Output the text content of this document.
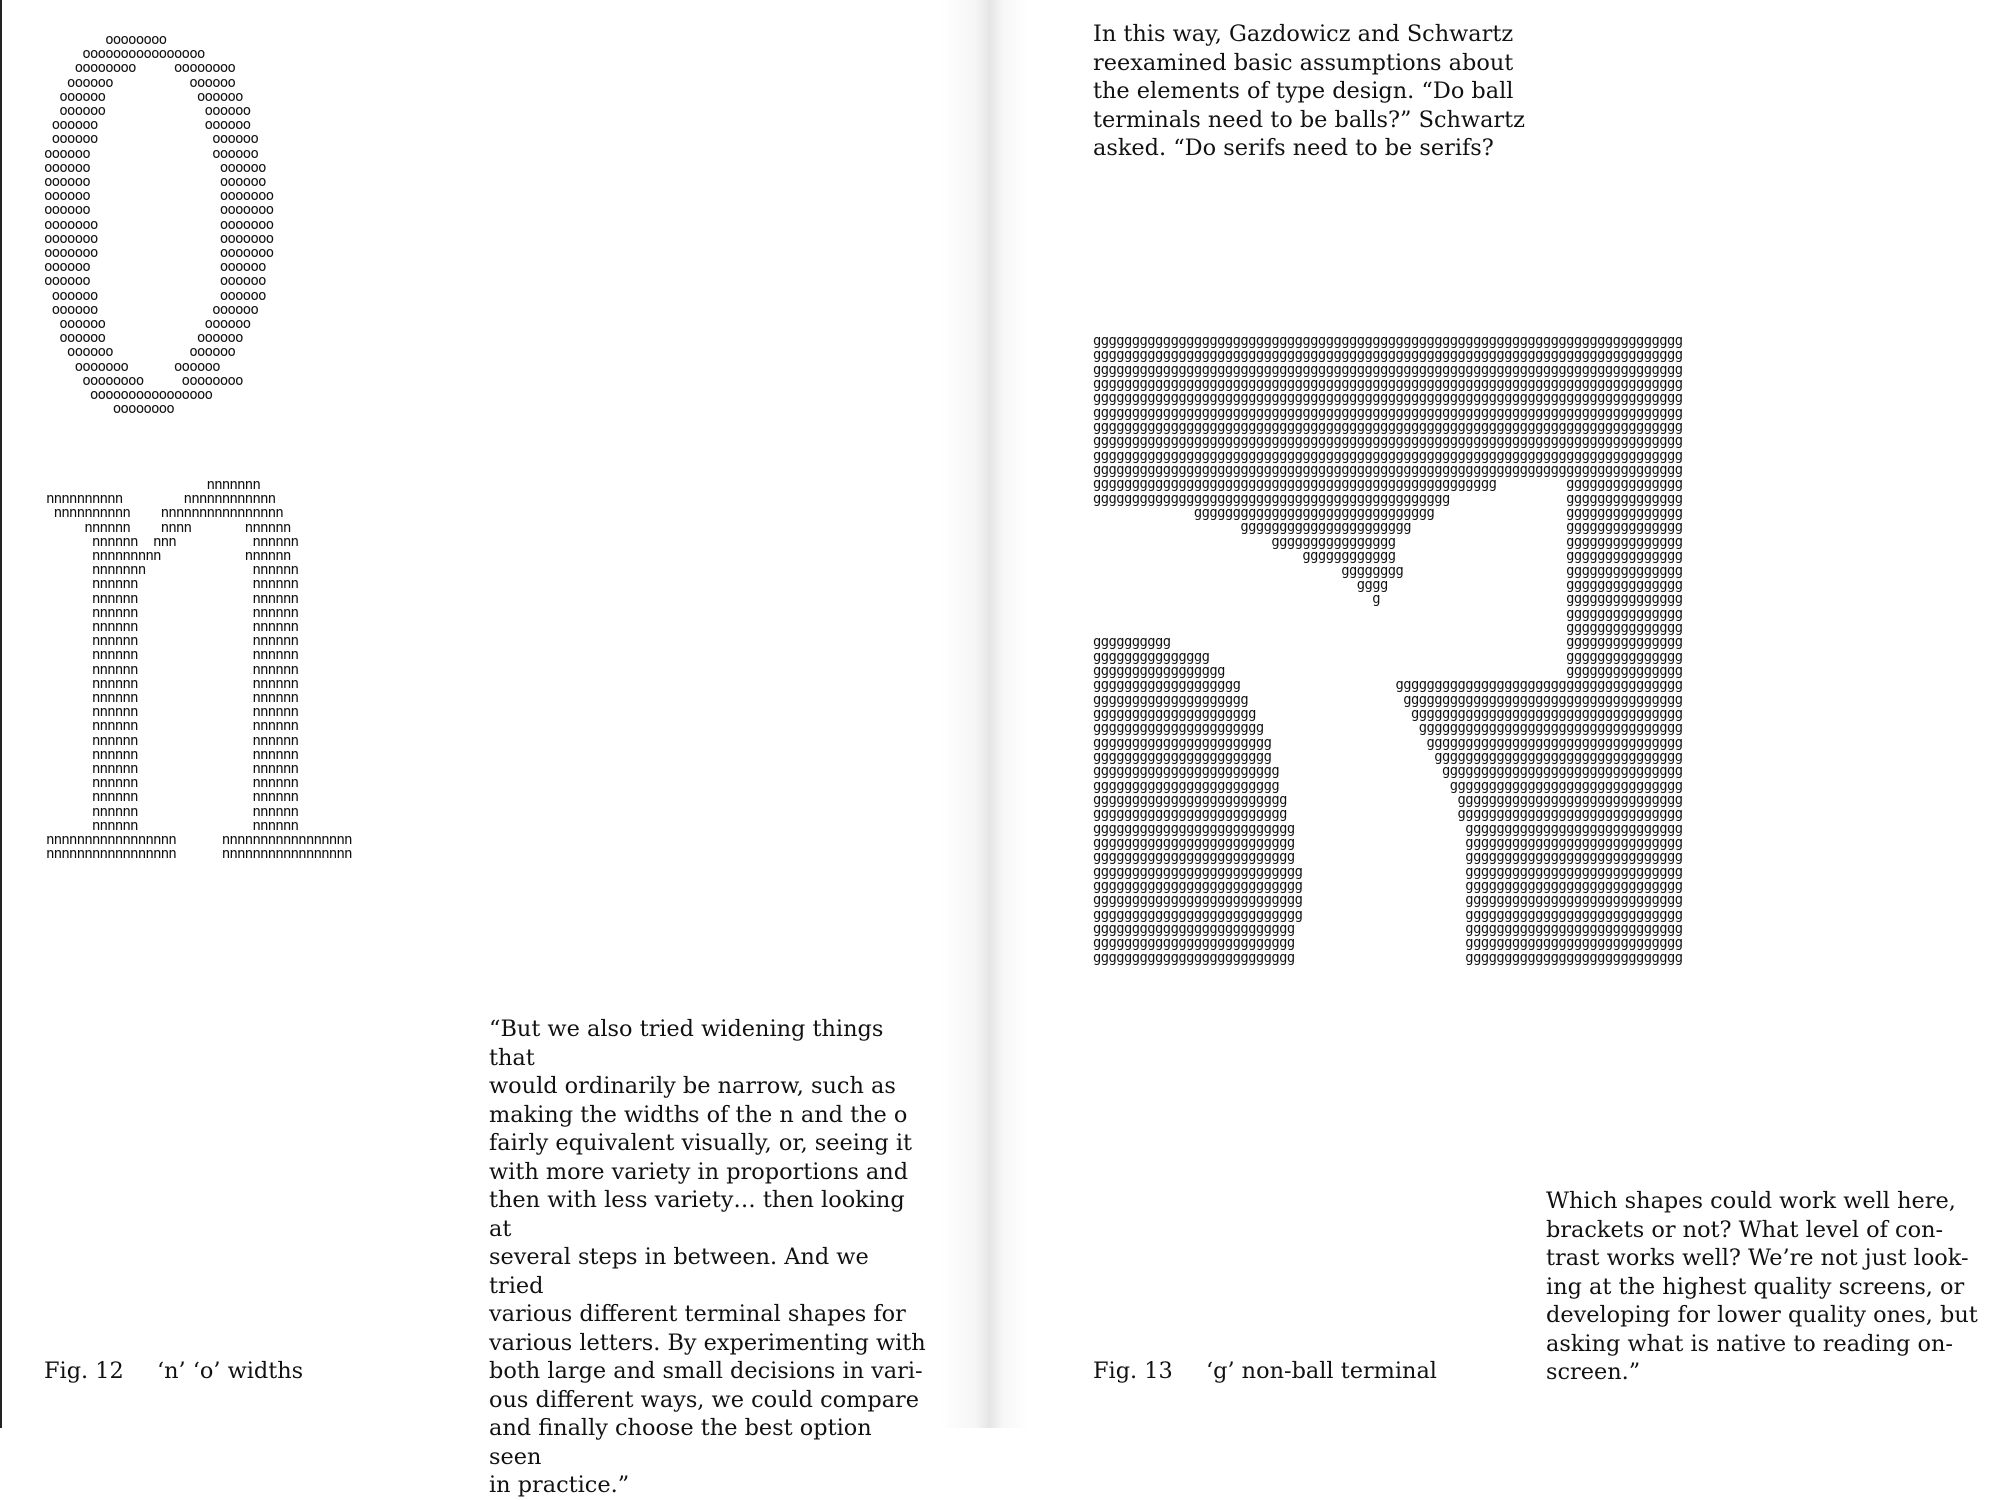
oooooooo
oooooooooooooooo
oooooooo     oooooooo
oooooo          oooooo
oooooo            oooooo
oooooo             oooooo
oooooo              oooooo
oooooo               oooooo
oooooo                oooooo
oooooo                 oooooo
oooooo                 oooooo
oooooo                 ooooooo
oooooo                 ooooooo
ooooooo                ooooooo
ooooooo                ooooooo
ooooooo                ooooooo
oooooo                 oooooo
oooooo                 oooooo
oooooo                oooooo
oooooo               oooooo
oooooo             oooooo
oooooo            oooooo
oooooo          oooooo
ooooooo      oooooo
oooooooo     oooooooo
oooooooooooooooo
oooooooo
nnnnnnn
nnnnnnnnnn        nnnnnnnnnnnn
nnnnnnnnnn    nnnnnnnnnnnnnnnn
nnnnnn    nnnn       nnnnnn
nnnnnn  nnn          nnnnnn
nnnnnnnnn           nnnnnn
nnnnnnn              nnnnnn
nnnnnn               nnnnnn
nnnnnn               nnnnnn
nnnnnn               nnnnnn
nnnnnn               nnnnnn
nnnnnn               nnnnnn
nnnnnn               nnnnnn
nnnnnn               nnnnnn
nnnnnn               nnnnnn
nnnnnn               nnnnnn
nnnnnn               nnnnnn
nnnnnn               nnnnnn
nnnnnn               nnnnnn
nnnnnn               nnnnnn
nnnnnn               nnnnnn
nnnnnn               nnnnnn
nnnnnn               nnnnnn
nnnnnn               nnnnnn
nnnnnn               nnnnnn
nnnnnnnnnnnnnnnnn      nnnnnnnnnnnnnnnnn
nnnnnnnnnnnnnnnnn      nnnnnnnnnnnnnnnnn

“But we also tried widening things that

would ordinarily be narrow, such as

making the widths of the n and the o

fairly equivalent visually, or, seeing it

with more variety in proportions and

then with less variety… then looking at

several steps in between. And we tried

various different terminal shapes for

various letters. By experimenting with

both large and small decisions in vari-

ous different ways, we could compare

and finally choose the best option seen

in practice.”

Fig. 12 ‘n’ ‘o’ widths
In this way, Gazdowicz and Schwartz
reexamined basic assumptions about
the elements of type design. “Do ball
terminals need to be balls?” Schwartz
asked. “Do serifs need to be serifs?
gggggggggggggggggggggggggggggggggggggggggggggggggggggggggggggggggggggggggggg
gggggggggggggggggggggggggggggggggggggggggggggggggggggggggggggggggggggggggggg
gggggggggggggggggggggggggggggggggggggggggggggggggggggggggggggggggggggggggggg
gggggggggggggggggggggggggggggggggggggggggggggggggggggggggggggggggggggggggggg
gggggggggggggggggggggggggggggggggggggggggggggggggggggggggggggggggggggggggggg
gggggggggggggggggggggggggggggggggggggggggggggggggggggggggggggggggggggggggggg
gggggggggggggggggggggggggggggggggggggggggggggggggggggggggggggggggggggggggggg
gggggggggggggggggggggggggggggggggggggggggggggggggggggggggggggggggggggggggggg
gggggggggggggggggggggggggggggggggggggggggggggggggggggggggggggggggggggggggggg
gggggggggggggggggggggggggggggggggggggggggggggggggggggggggggggggggggggggggggg
gggggggggggggggggggggggggggggggggggggggggggggggggggg         ggggggggggggggg
gggggggggggggggggggggggggggggggggggggggggggggg               ggggggggggggggg
ggggggggggggggggggggggggggggggg                 ggggggggggggggg
gggggggggggggggggggggg                    ggggggggggggggg
gggggggggggggggg                      ggggggggggggggg
gggggggggggg                      ggggggggggggggg
gggggggg                     ggggggggggggggg
gggg                       ggggggggggggggg
g                        ggggggggggggggg
ggggggggggggggg
ggggggggggggggg
gggggggggg                                                   ggggggggggggggg
ggggggggggggggg                                              ggggggggggggggg
ggggggggggggggggg                                            ggggggggggggggg
ggggggggggggggggggg                    ggggggggggggggggggggggggggggggggggggg
gggggggggggggggggggg                    gggggggggggggggggggggggggggggggggggg
ggggggggggggggggggggg                    ggggggggggggggggggggggggggggggggggg
gggggggggggggggggggggg                    gggggggggggggggggggggggggggggggggg
ggggggggggggggggggggggg                    ggggggggggggggggggggggggggggggggg
ggggggggggggggggggggggg                     gggggggggggggggggggggggggggggggg
gggggggggggggggggggggggg                     ggggggggggggggggggggggggggggggg
gggggggggggggggggggggggg                      gggggggggggggggggggggggggggggg
ggggggggggggggggggggggggg                      ggggggggggggggggggggggggggggg
ggggggggggggggggggggggggg                      ggggggggggggggggggggggggggggg
gggggggggggggggggggggggggg                      gggggggggggggggggggggggggggg
gggggggggggggggggggggggggg                      gggggggggggggggggggggggggggg
gggggggggggggggggggggggggg                      gggggggggggggggggggggggggggg
ggggggggggggggggggggggggggg                     gggggggggggggggggggggggggggg
ggggggggggggggggggggggggggg                     gggggggggggggggggggggggggggg
ggggggggggggggggggggggggggg                     gggggggggggggggggggggggggggg
ggggggggggggggggggggggggggg                     gggggggggggggggggggggggggggg
gggggggggggggggggggggggggg                      gggggggggggggggggggggggggggg
gggggggggggggggggggggggggg                      gggggggggggggggggggggggggggg
gggggggggggggggggggggggggg                      gggggggggggggggggggggggggggg
Which shapes could work well here,
brackets or not? What level of con-
trast works well? We’re not just look-
ing at the highest quality screens, or
developing for lower quality ones, but
asking what is native to reading on-
screen.”
Fig. 13 ‘g’ non-ball terminal
